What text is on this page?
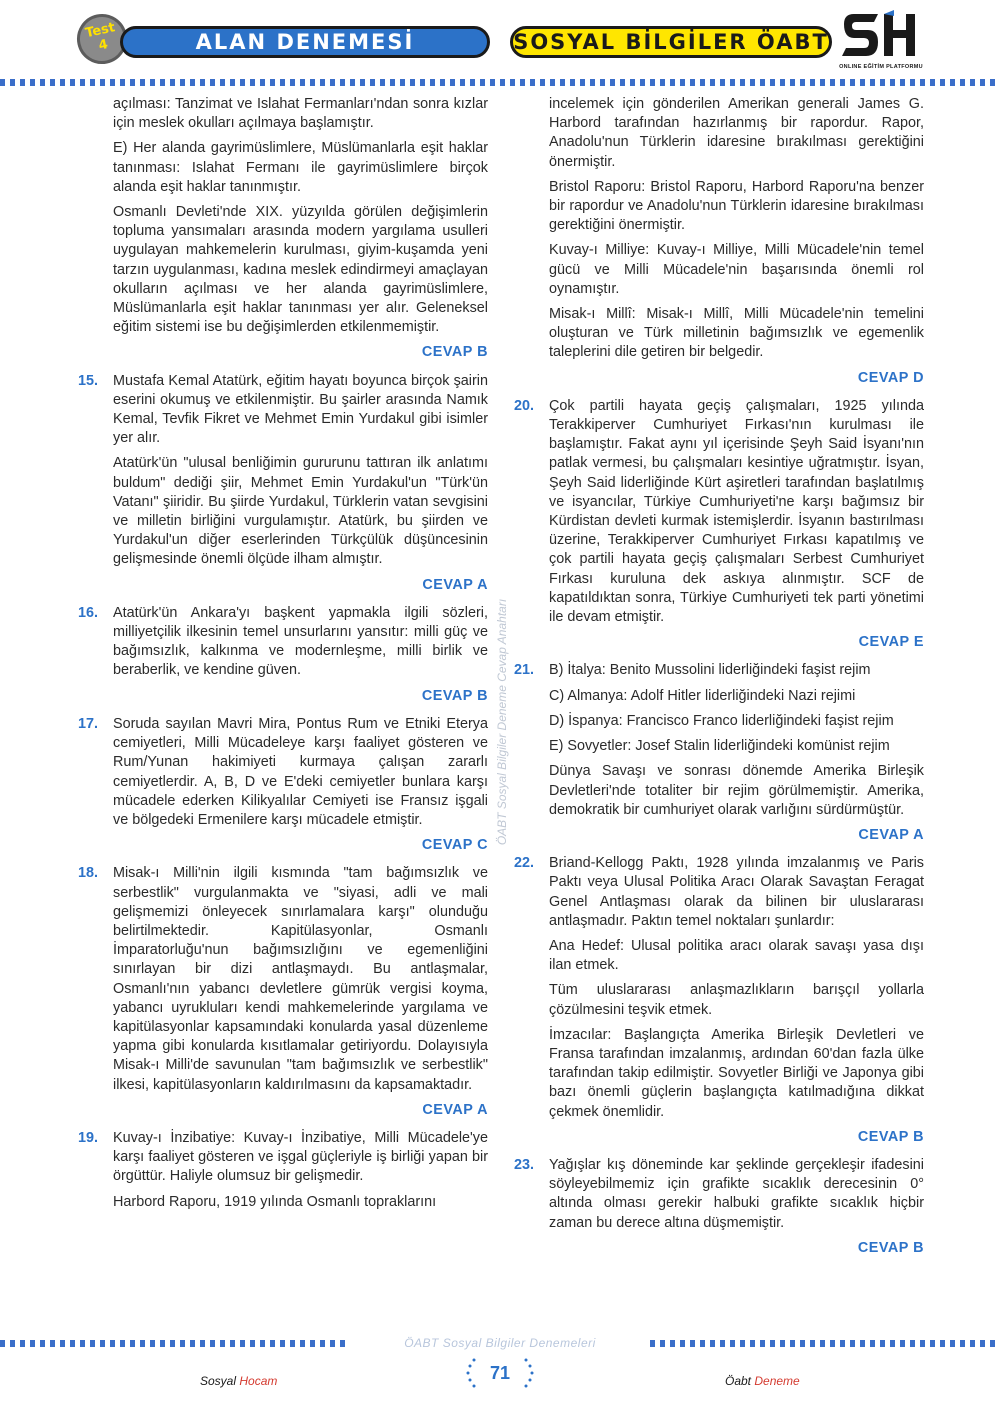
Test
4	ALAN DENEMESİ	SOSYAL BİLGİLER ÖABT
ONLINE EĞİTİM PLATFORMU

açılması: Tanzimat ve Islahat Fermanları'ndan sonra kızlar için meslek okulları açılmaya başlamıştır.

E) Her alanda gayrimüslimlere, Müslümanlarla eşit haklar tanınması: Islahat Fermanı ile gayrimüslimlere birçok alanda eşit haklar tanınmıştır.

Osmanlı Devleti'nde XIX. yüzyılda görülen değişimlerin topluma yansımaları arasında modern yargılama usulleri uygulayan mahkemelerin kurulması, giyim-kuşamda yeni tarzın uygulanması, kadına meslek edindirmeyi amaçlayan okulların açılması ve her alanda gayrimüslimlere, Müslümanlarla eşit haklar tanınması yer alır. Geleneksel eğitim sistemi ise bu değişimlerden etkilenmemiştir.

CEVAP B
15. Mustafa Kemal Atatürk, eğitim hayatı boyunca birçok şairin eserini okumuş ve etkilenmiştir. Bu şairler arasında Namık Kemal, Tevfik Fikret ve Mehmet Emin Yurdakul gibi isimler yer alır.

Atatürk'ün "ulusal benliğimin gururunu tattıran ilk anlatımı buldum" dediği şiir, Mehmet Emin Yurdakul'un "Türk'ün Vatanı" şiiridir. Bu şiirde Yurdakul, Türklerin vatan sevgisini ve milletin birliğini vurgulamıştır. Atatürk, bu şiirden ve Yurdakul'un diğer eserlerinden Türkçülük düşüncesinin gelişmesinde önemli ölçüde ilham almıştır.

CEVAP A
16. Atatürk'ün Ankara'yı başkent yapmakla ilgili sözleri, milliyetçilik ilkesinin temel unsurlarını yansıtır: milli güç ve bağımsızlık, kalkınma ve modernleşme, milli birlik ve beraberlik, ve kendine güven.

CEVAP B
17. Soruda sayılan Mavri Mira, Pontus Rum ve Etniki Eterya cemiyetleri, Milli Mücadeleye karşı faaliyet gösteren ve Rum/Yunan hakimiyeti kurmaya çalışan zararlı cemiyetlerdir. A, B, D ve E'deki cemiyetler bunlara karşı mücadele ederken Kilikyalılar Cemiyeti ise Fransız işgali ve bölgedeki Ermenilere karşı mücadele etmiştir.

CEVAP C
18. Misak-ı Milli'nin ilgili kısmında "tam bağımsızlık ve serbestlik" vurgulanmakta ve "siyasi, adli ve mali gelişmemizi önleyecek sınırlamalara karşı" olunduğu belirtilmektedir. Kapitülasyonlar, Osmanlı İmparatorluğu'nun bağımsızlığını ve egemenliğini sınırlayan bir dizi antlaşmaydı. Bu antlaşmalar, Osmanlı'nın yabancı devletlere gümrük vergisi koyma, yabancı uyrukluları kendi mahkemelerinde yargılama ve kapitülasyonlar kapsamındaki konularda yasal düzenleme yapma gibi konularda kısıtlamalar getiriyordu. Dolayısıyla Misak-ı Milli'de savunulan "tam bağımsızlık ve serbestlik" ilkesi, kapitülasyonların kaldırılmasını da kapsamaktadır.

CEVAP A
19. Kuvay-ı İnzibatiye: Kuvay-ı İnzibatiye, Milli Mücadele'ye karşı faaliyet gösteren ve işgal güçleriyle iş birliği yapan bir örgüttür. Haliyle olumsuz bir gelişmedir.

Harbord Raporu, 1919 yılında Osmanlı topraklarını

ÖABT Sosyal Bilgiler Deneme Cevap Anahtarı

incelemek için gönderilen Amerikan generali James G. Harbord tarafından hazırlanmış bir rapordur. Rapor, Anadolu'nun Türklerin idaresine bırakılması gerektiğini önermiştir.

Bristol Raporu: Bristol Raporu, Harbord Raporu'na benzer bir rapordur ve Anadolu'nun Türklerin idaresine bırakılması gerektiğini önermiştir.

Kuvay-ı Milliye: Kuvay-ı Milliye, Milli Mücadele'nin temel gücü ve Milli Mücadele'nin başarısında önemli rol oynamıştır.

Misak-ı Millî: Misak-ı Millî, Milli Mücadele'nin temelini oluşturan ve Türk milletinin bağımsızlık ve egemenlik taleplerini dile getiren bir belgedir.

CEVAP D
20. Çok partili hayata geçiş çalışmaları, 1925 yılında Terakkiperver Cumhuriyet Fırkası'nın kurulması ile başlamıştır. Fakat aynı yıl içerisinde Şeyh Said İsyanı'nın patlak vermesi, bu çalışmaları kesintiye uğratmıştır. İsyan, Şeyh Said liderliğinde Kürt aşiretleri tarafından başlatılmış ve isyancılar, Türkiye Cumhuriyeti'ne karşı bağımsız bir Kürdistan devleti kurmak istemişlerdir. İsyanın bastırılması üzerine, Terakkiperver Cumhuriyet Fırkası kapatılmış ve çok partili hayata geçiş çalışmaları Serbest Cumhuriyet Fırkası kuruluna dek askıya alınmıştır. SCF de kapatıldıktan sonra, Türkiye Cumhuriyeti tek parti yönetimi ile devam etmiştir.

CEVAP E
21. B) İtalya: Benito Mussolini liderliğindeki faşist rejim

C) Almanya: Adolf Hitler liderliğindeki Nazi rejimi

D) İspanya: Francisco Franco liderliğindeki faşist rejim

E) Sovyetler: Josef Stalin liderliğindeki komünist rejim

Dünya Savaşı ve sonrası dönemde Amerika Birleşik Devletleri'nde totaliter bir rejim görülmemiştir. Amerika, demokratik bir cumhuriyet olarak varlığını sürdürmüştür.

CEVAP A
22. Briand-Kellogg Paktı, 1928 yılında imzalanmış ve Paris Paktı veya Ulusal Politika Aracı Olarak Savaştan Feragat Genel Antlaşması olarak da bilinen bir uluslararası antlaşmadır. Paktın temel noktaları şunlardır:

Ana Hedef: Ulusal politika aracı olarak savaşı yasa dışı ilan etmek.

Tüm uluslararası anlaşmazlıkların barışçıl yollarla çözülmesini teşvik etmek.

İmzacılar: Başlangıçta Amerika Birleşik Devletleri ve Fransa tarafından imzalanmış, ardından 60'dan fazla ülke tarafından takip edilmiştir. Sovyetler Birliği ve Japonya gibi bazı önemli güçlerin başlangıçta katılmadığına dikkat çekmek önemlidir.

CEVAP B
23. Yağışlar kış döneminde kar şeklinde gerçekleşir ifadesini söyleyebilmemiz için grafikte sıcaklık derecesinin 0° altında olması gerekir halbuki grafikte sıcaklık hiçbir zaman bu derece altına düşmemiştir.

CEVAP B
ÖABT Sosyal Bilgiler Denemeleri
Sosyal Hocam	71	Öabt Deneme
